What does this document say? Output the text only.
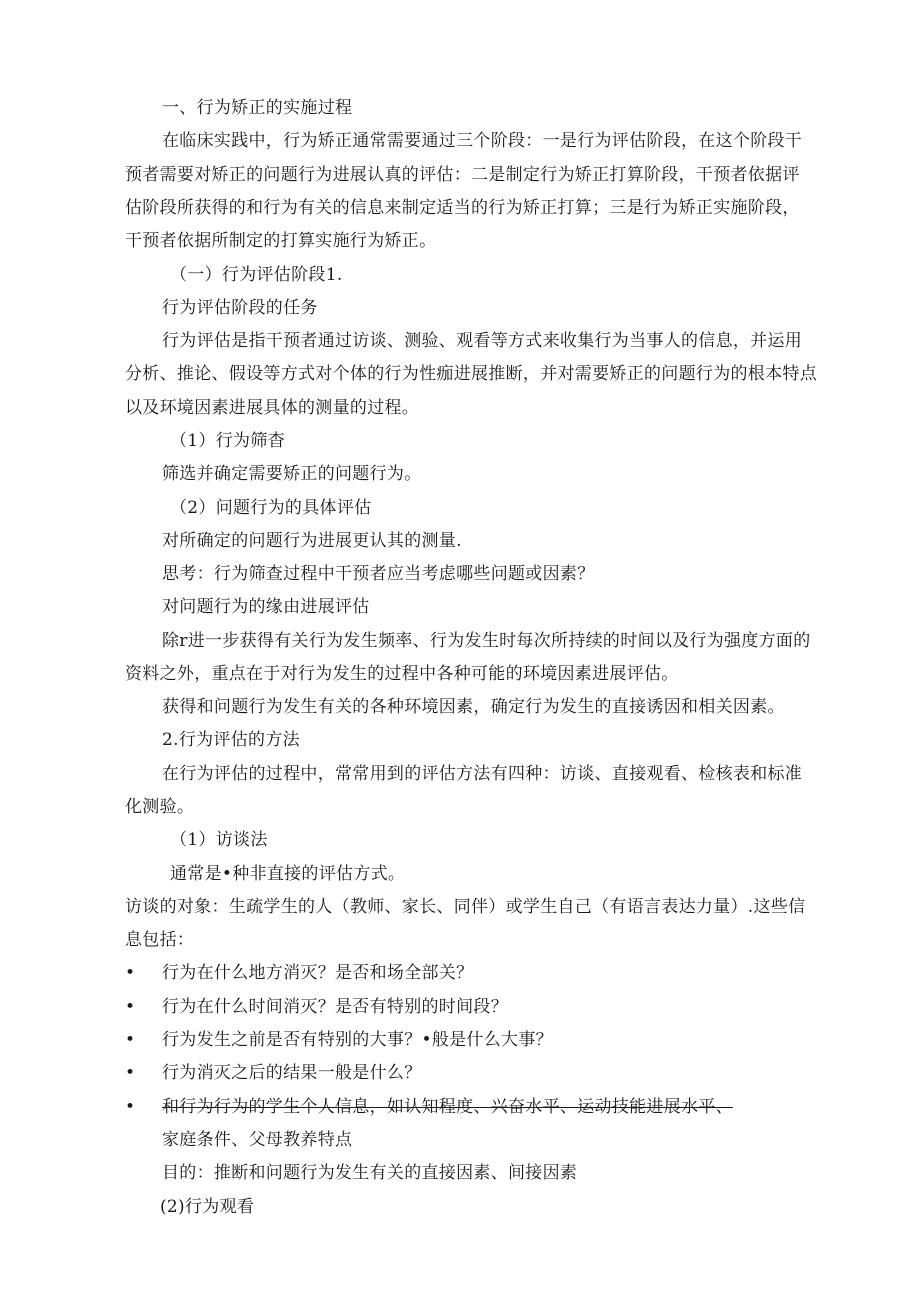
一、行为矫正的实施过程
在临床实践中，行为矫正通常需要通过三个阶段：一是行为评估阶段，在这个阶段干
预者需要对矫正的问题行为进展认真的评估：二是制定行为矫正打算阶段，干预者依据评
估阶段所获得的和行为有关的信息来制定适当的行为矫正打算；三是行为矫正实施阶段，
干预者依据所制定的打算实施行为矫正。
（一）行为评估阶段1.
行为评估阶段的任务
行为评估是指干预者通过访谈、测验、观看等方式来收集行为当事人的信息，并运用
分析、推论、假设等方式对个体的行为性痂进展推断，并对需要矫正的问题行为的根本特点
以及环境因素进展具体的测量的过程。
（1）行为筛杳
筛选并确定需要矫正的问题行为。
（2）问题行为的具体评估
对所确定的问题行为进展更认其的测量.
思考：行为筛查过程中干预者应当考虑哪些问题或因素？
对问题行为的缘由进展评估
除r进一步获得有关行为发生频率、行为发生时每次所持续的时间以及行为强度方面的
资料之外，重点在于对行为发生的过程中各种可能的环境因素进展评估。
获得和问题行为发生有关的各种环境因素，确定行为发生的直接诱因和相关因素。
2.行为评估的方法
在行为评估的过程中，常常用到的评估方法有四种：访谈、直接观看、检核表和标准
化测验。
（1）访谈法
通常是•种非直接的评估方式。
访谈的对象：生疏学生的人（教师、家长、同伴）或学生自己（有语言表达力量）.这些信
息包括：
• 行为在什么地方消灭？是否和场全部关？
• 行为在什么时间消灭？是否有特别的时间段？
• 行为发生之前是否有特别的大事？•般是什么大事？
• 行为消灭之后的结果一般是什么？
• 和行为行为的学生个人信息，如认知程度、兴奋水平、运动技能进展水平、
家庭条件、父母教养特点
目的：推断和问题行为发生有关的直接因素、间接因素
(2)行为观看
